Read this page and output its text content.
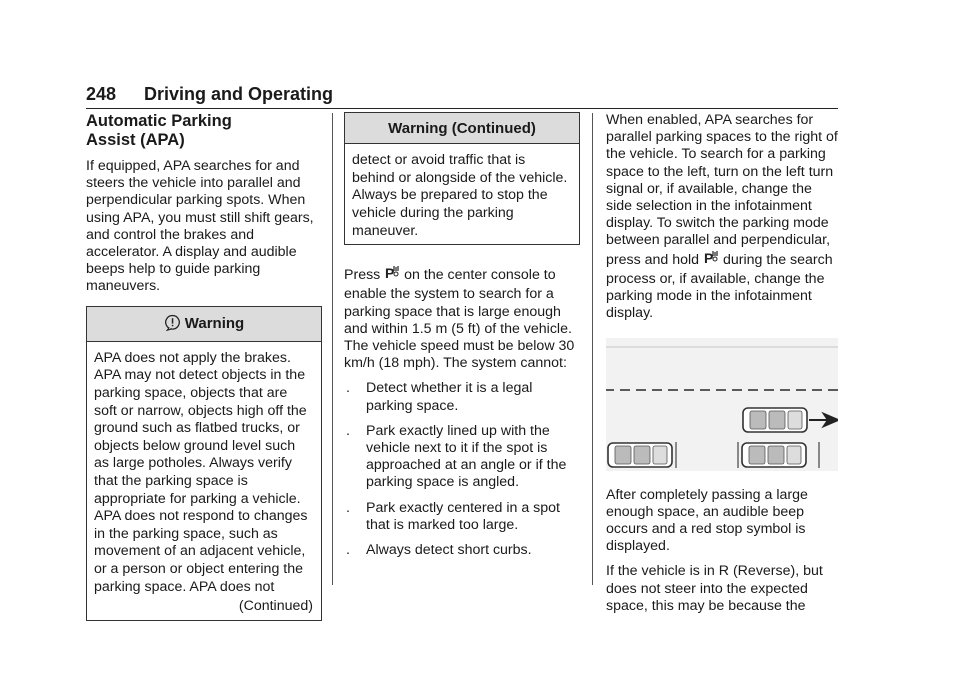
248 Driving and Operating
Automatic Parking
Assist (APA)

If equipped, APA searches for and steers the vehicle into parallel and perpendicular parking spots. When using APA, you must still shift gears, and control the brakes and accelerator. A display and audible beeps help to guide parking maneuvers.

Warning
APA does not apply the brakes. APA may not detect objects in the parking space, objects that are soft or narrow, objects high off the ground such as flatbed trucks, or objects below ground level such as large potholes. Always verify that the parking space is appropriate for parking a vehicle. APA does not respond to changes in the parking space, such as movement of an adjacent vehicle, or a person or object entering the parking space. APA does not
(Continued)
Warning (Continued)
detect or avoid traffic that is behind or alongside of the vehicle. Always be prepared to stop the vehicle during the parking maneuver.

Press P on the center console to enable the system to search for a parking space that is large enough and within 1.5 m (5 ft) of the vehicle. The vehicle speed must be below 30 km/h (18 mph). The system cannot:

. Detect whether it is a legal parking space.
. Park exactly lined up with the vehicle next to it if the spot is approached at an angle or if the parking space is angled.
. Park exactly centered in a spot that is marked too large.
. Always detect short curbs.

When enabled, APA searches for parallel parking spaces to the right of the vehicle. To search for a parking space to the left, turn on the left turn signal or, if available, change the side selection in the infotainment display. To switch the parking mode between parallel and perpendicular, press and hold P during the search process or, if available, change the parking mode in the infotainment display.

After completely passing a large enough space, an audible beep occurs and a red stop symbol is displayed.

If the vehicle is in R (Reverse), but does not steer into the expected space, this may be because the
